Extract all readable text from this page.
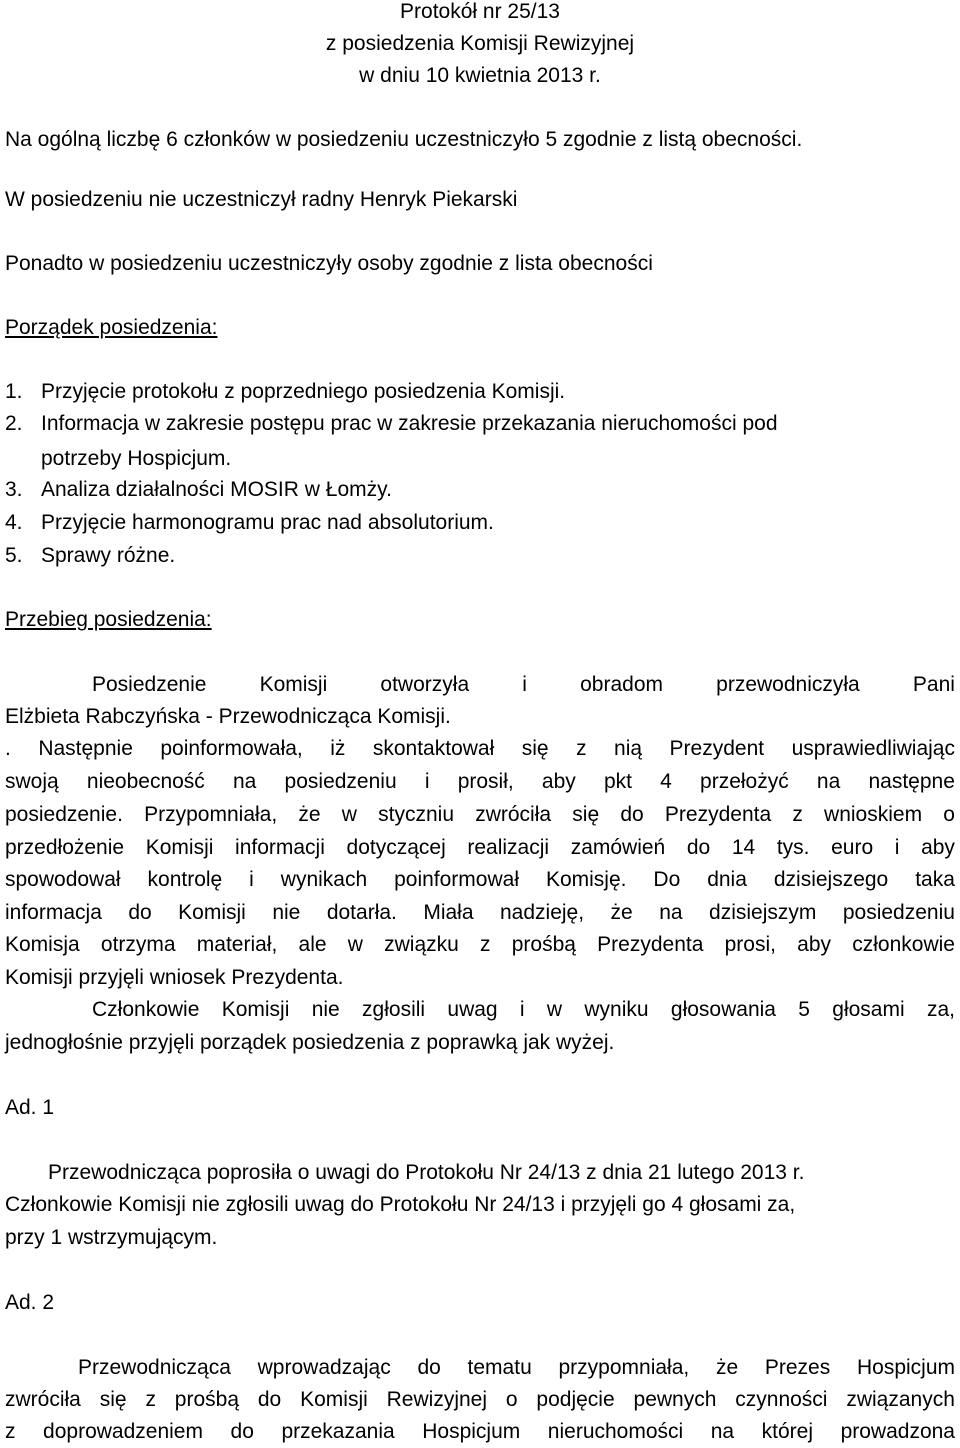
Protokół nr 25/13
z posiedzenia Komisji Rewizyjnej
w dniu 10 kwietnia 2013 r.
Na ogólną liczbę 6 członków w posiedzeniu uczestniczyło 5 zgodnie z listą obecności.
W posiedzeniu nie uczestniczył radny Henryk Piekarski
Ponadto w posiedzeniu uczestniczyły osoby zgodnie z lista obecności
Porządek posiedzenia:
1. Przyjęcie protokołu z poprzedniego posiedzenia Komisji.
2. Informacja w zakresie postępu prac w zakresie przekazania nieruchomości pod
potrzeby Hospicjum.
3. Analiza działalności MOSIR w Łomży.
4. Przyjęcie harmonogramu prac nad absolutorium.
5. Sprawy różne.
Przebieg posiedzenia:
Posiedzenie	Komisji	otworzyła	i	obradom	przewodniczyła	Pani
Elżbieta Rabczyńska - Przewodnicząca Komisji.
. Następnie poinformowała, iż skontaktował się z nią Prezydent usprawiedliwiając
swoją nieobecność na posiedzeniu i prosił, aby pkt 4 przełożyć na następne
posiedzenie. Przypomniała, że w styczniu zwróciła się do Prezydenta z wnioskiem o
przedłożenie Komisji informacji dotyczącej realizacji zamówień do 14 tys. euro i aby
spowodował kontrolę i wynikach poinformował Komisję. Do dnia dzisiejszego taka
informacja do Komisji nie dotarła. Miała nadzieję, że na dzisiejszym posiedzeniu
Komisja otrzyma materiał, ale w związku z prośbą Prezydenta prosi, aby członkowie
Komisji przyjęli wniosek Prezydenta.
Członkowie Komisji nie zgłosili uwag i w wyniku głosowania 5 głosami za,
jednogłośnie przyjęli porządek posiedzenia z poprawką jak wyżej.
Ad. 1
Przewodnicząca poprosiła o uwagi do Protokołu Nr 24/13 z dnia 21 lutego 2013 r.
Członkowie Komisji nie zgłosili uwag do Protokołu Nr 24/13 i przyjęli go 4 głosami za,
przy 1 wstrzymującym.
Ad. 2
Przewodnicząca wprowadzając do tematu przypomniała, że Prezes Hospicjum
zwróciła się z prośbą do Komisji Rewizyjnej o podjęcie pewnych czynności związanych
z doprowadzeniem do przekazania Hospicjum nieruchomości na której prowadzona
